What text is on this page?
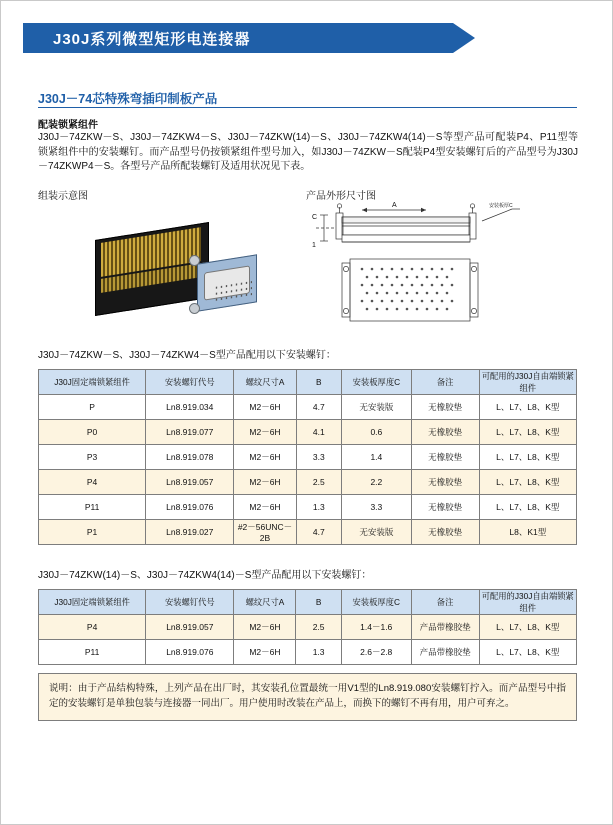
J30J系列微型矩形电连接器
J30J－74芯特殊弯插印制板产品
配装锁紧组件
J30J－74ZKW－S、J30J－74ZKW4－S、J30J－74ZKW(14)－S、J30J－74ZKW4(14)－S等型产品可配装P4、P11型等锁紧组件中的安装螺钉。而产品型号仍按锁紧组件型号加入，如J30J－74ZKW－S配装P4型安装螺钉后的产品型号为J30J－74ZKWP4－S。各型号产品所配装螺钉及适用状况见下表。
组装示意图	产品外形尺寸图
A
C
1
安装板厚C
J30J－74ZKW－S、J30J－74ZKW4－S型产品配用以下安装螺钉：
J30J固定端锁紧组件	安装螺钉代号	螺纹尺寸A	B	安装板厚度C	备注	可配用的J30J自由端锁紧组件
P	Ln8.919.034	M2－6H	4.7	无安装版	无橡胶垫	L、L7、L8、K型
P0	Ln8.919.077	M2－6H	4.1	0.6	无橡胶垫	L、L7、L8、K型
P3	Ln8.919.078	M2－6H	3.3	1.4	无橡胶垫	L、L7、L8、K型
P4	Ln8.919.057	M2－6H	2.5	2.2	无橡胶垫	L、L7、L8、K型
P11	Ln8.919.076	M2－6H	1.3	3.3	无橡胶垫	L、L7、L8、K型
P1	Ln8.919.027	#2－56UNC－2B	4.7	无安装版	无橡胶垫	L8、K1型
J30J－74ZKW(14)－S、J30J－74ZKW4(14)－S型产品配用以下安装螺钉：
J30J固定端锁紧组件	安装螺钉代号	螺纹尺寸A	B	安装板厚度C	备注	可配用的J30J自由端锁紧组件
P4	Ln8.919.057	M2－6H	2.5	1.4－1.6	产品带橡胶垫	L、L7、L8、K型
P11	Ln8.919.076	M2－6H	1.3	2.6－2.8	产品带橡胶垫	L、L7、L8、K型
说明：由于产品结构特殊，上列产品在出厂时，其安装孔位置最统一用V1型的Ln8.919.080安装螺钉拧入。而产品型号中指定的安装螺钉是单独包装与连接器一同出厂。用户使用时改装在产品上，而换下的螺钉不再有用，用户可弃之。
